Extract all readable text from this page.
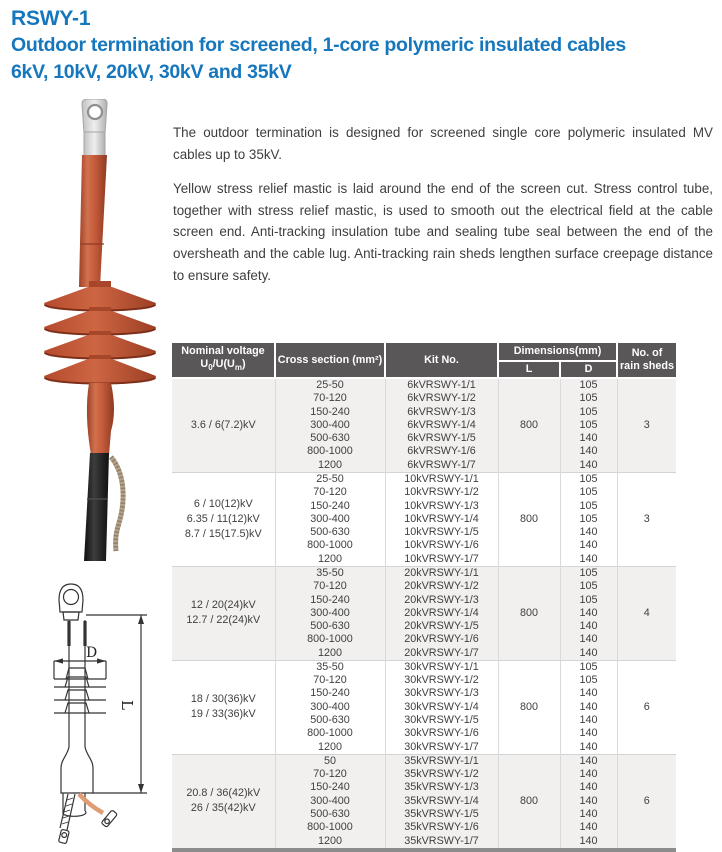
RSWY-1
Outdoor termination for screened, 1-core polymeric insulated cables
6kV, 10kV, 20kV, 30kV and 35kV

The outdoor termination is designed for screened single core polymeric insulated MV cables up to 35kV.

Yellow stress relief mastic is laid around the end of the screen cut. Stress control tube, together with stress relief mastic, is used to smooth out the electrical field at the cable screen end. Anti-tracking insulation tube and sealing tube seal between the end of the oversheath and the cable lug. Anti-tracking rain sheds lengthen surface creepage distance to ensure safety.

D
L
Nominal voltage
$U_0/U(U_m)$	Cross section (mm²)	Kit No.	Dimensions(mm)		No. of
rain sheds
			L	D	
3.6 / 6(7.2)kV	25-50	6kVRSWY-1/1	800	105	3
	70-120	6kVRSWY-1/2		105	
	150-240	6kVRSWY-1/3		105	
	300-400	6kVRSWY-1/4		105	
	500-630	6kVRSWY-1/5		140	
	800-1000	6kVRSWY-1/6		140	
	1200	6kVRSWY-1/7		140	
6 / 10(12)kV
6.35 / 11(12)kV
8.7 / 15(17.5)kV	25-50	10kVRSWY-1/1	800	105	3
	70-120	10kVRSWY-1/2		105	
	150-240	10kVRSWY-1/3		105	
	300-400	10kVRSWY-1/4		105	
	500-630	10kVRSWY-1/5		140	
	800-1000	10kVRSWY-1/6		140	
	1200	10kVRSWY-1/7		140	
12 / 20(24)kV
12.7 / 22(24)kV	35-50	20kVRSWY-1/1	800	105	4
	70-120	20kVRSWY-1/2		105	
	150-240	20kVRSWY-1/3		105	
	300-400	20kVRSWY-1/4		140	
	500-630	20kVRSWY-1/5		140	
	800-1000	20kVRSWY-1/6		140	
	1200	20kVRSWY-1/7		140	
18 / 30(36)kV
19 / 33(36)kV	35-50	30kVRSWY-1/1	800	105	6
	70-120	30kVRSWY-1/2		105	
	150-240	30kVRSWY-1/3		140	
	300-400	30kVRSWY-1/4		140	
	500-630	30kVRSWY-1/5		140	
	800-1000	30kVRSWY-1/6		140	
	1200	30kVRSWY-1/7		140	
20.8 / 36(42)kV
26 / 35(42)kV	50	35kVRSWY-1/1	800	140	6
	70-120	35kVRSWY-1/2		140	
	150-240	35kVRSWY-1/3		140	
	300-400	35kVRSWY-1/4		140	
	500-630	35kVRSWY-1/5		140	
	800-1000	35kVRSWY-1/6		140	
	1200	35kVRSWY-1/7		140	
